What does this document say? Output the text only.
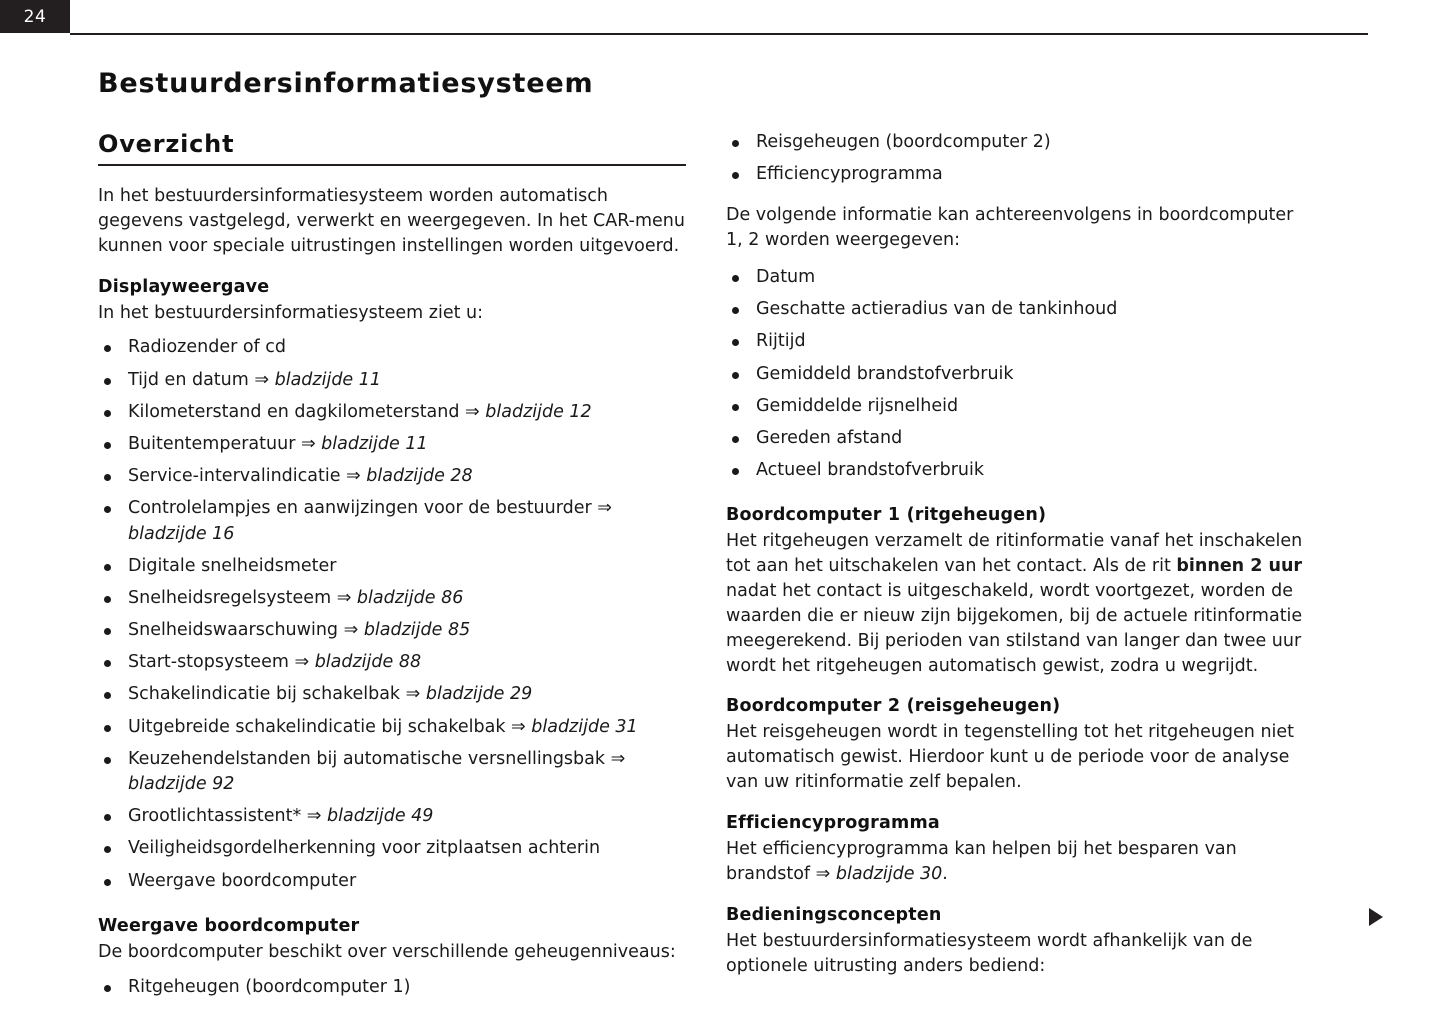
24
Bestuurdersinformatiesysteem
Overzicht

In het bestuurdersinformatiesysteem worden automatisch gegevens vastgelegd, verwerkt en weergegeven. In het CAR-menu kunnen voor speciale uitrustingen instellingen worden uitgevoerd.

Displayweergave

In het bestuurdersinformatiesysteem ziet u:

Radiozender of cd
Tijd en datum ⇒ bladzijde 11
Kilometerstand en dagkilometerstand ⇒ bladzijde 12
Buitentemperatuur ⇒ bladzijde 11
Service-intervalindicatie ⇒ bladzijde 28
Controlelampjes en aanwijzingen voor de bestuurder ⇒ bladzijde 16
Digitale snelheidsmeter
Snelheidsregelsysteem ⇒ bladzijde 86
Snelheidswaarschuwing ⇒ bladzijde 85
Start-stopsysteem ⇒ bladzijde 88
Schakelindicatie bij schakelbak ⇒ bladzijde 29
Uitgebreide schakelindicatie bij schakelbak ⇒ bladzijde 31
Keuzehendelstanden bij automatische versnellingsbak ⇒ bladzijde 92
Grootlichtassistent* ⇒ bladzijde 49
Veiligheidsgordelherkenning voor zitplaatsen achterin
Weergave boordcomputer
Weergave boordcomputer

De boordcomputer beschikt over verschillende geheugenniveaus:

Ritgeheugen (boordcomputer 1)
Reisgeheugen (boordcomputer 2)
Efficiencyprogramma

De volgende informatie kan achtereenvolgens in boordcomputer 1, 2 worden weergegeven:

Datum
Geschatte actieradius van de tankinhoud
Rijtijd
Gemiddeld brandstofverbruik
Gemiddelde rijsnelheid
Gereden afstand
Actueel brandstofverbruik
Boordcomputer 1 (ritgeheugen)

Het ritgeheugen verzamelt de ritinformatie vanaf het inschakelen tot aan het uitschakelen van het contact. Als de rit binnen 2 uur nadat het contact is uitgeschakeld, wordt voortgezet, worden de waarden die er nieuw zijn bijgekomen, bij de actuele ritinformatie meegerekend. Bij perioden van stilstand van langer dan twee uur wordt het ritgeheugen automatisch gewist, zodra u wegrijdt.

Boordcomputer 2 (reisgeheugen)

Het reisgeheugen wordt in tegenstelling tot het ritgeheugen niet automatisch gewist. Hierdoor kunt u de periode voor de analyse van uw ritinformatie zelf bepalen.

Efficiencyprogramma

Het efficiencyprogramma kan helpen bij het besparen van brandstof ⇒ bladzijde 30.

Bedieningsconcepten

Het bestuurdersinformatiesysteem wordt afhankelijk van de optionele uitrusting anders bediend:
